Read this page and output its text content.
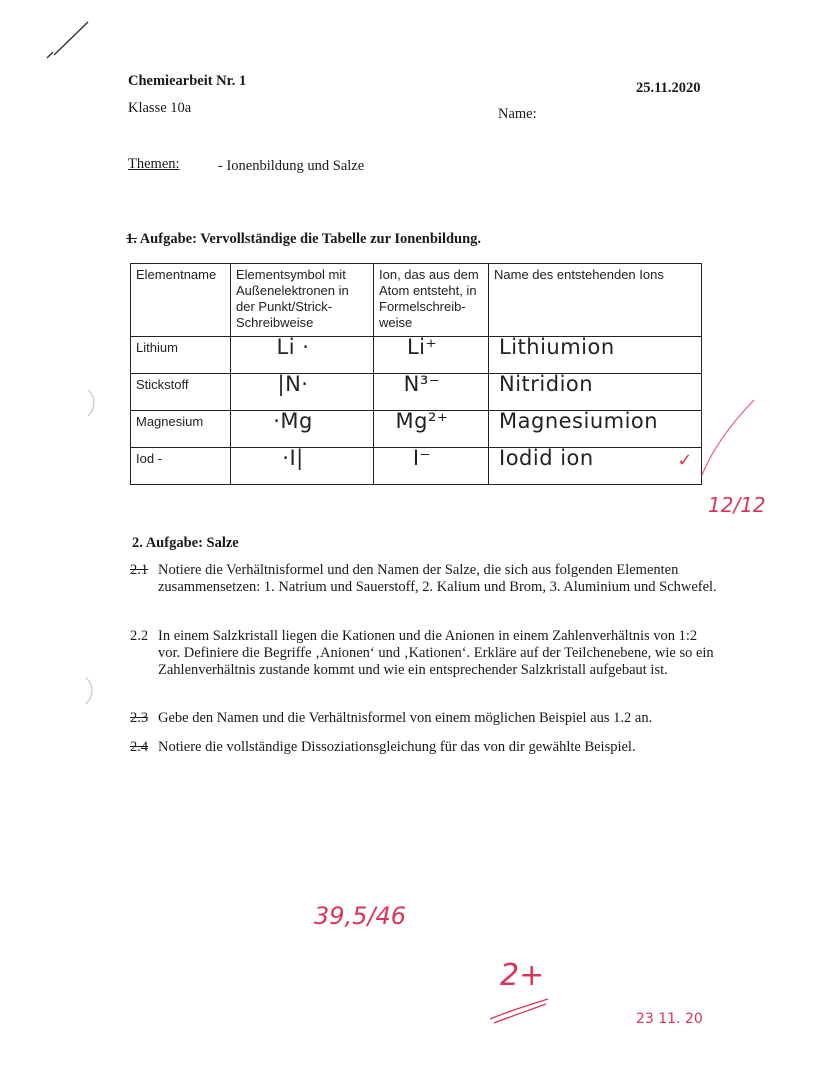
Chemiearbeit Nr. 1	25.11.2020
Klasse 10a	Name:
Themen:	- Ionenbildung und Salze
1. Aufgabe: Vervollständige die Tabelle zur Ionenbildung.
Elementname	Elementsymbol mit Außenelektronen in der Punkt/Strick-Schreibweise	Ion, das aus dem Atom entsteht, in Formelschreib-weise	Name des entstehenden Ions
Lithium	Li ·	Li⁺	Lithiumion
Stickstoff	|N·	N³⁻	Nitridion
Magnesium	·Mg	Mg²⁺	Magnesiumion
Iod -	·I|	I⁻	Iodid ion ✓
12/12
2. Aufgabe: Salze
2.1 Notiere die Verhältnisformel und den Namen der Salze, die sich aus folgenden Elementen zusammensetzen: 1. Natrium und Sauerstoff, 2. Kalium und Brom, 3. Aluminium und Schwefel.
2.2 In einem Salzkristall liegen die Kationen und die Anionen in einem Zahlenverhältnis von 1:2 vor. Definiere die Begriffe ‚Anionen‘ und ‚Kationen‘. Erkläre auf der Teilchenebene, wie so ein Zahlenverhältnis zustande kommt und wie ein entsprechender Salzkristall aufgebaut ist.
2.3 Gebe den Namen und die Verhältnisformel von einem möglichen Beispiel aus 1.2 an.
2.4 Notiere die vollständige Dissoziationsgleichung für das von dir gewählte Beispiel.
39,5/46
2+
23 11. 20
